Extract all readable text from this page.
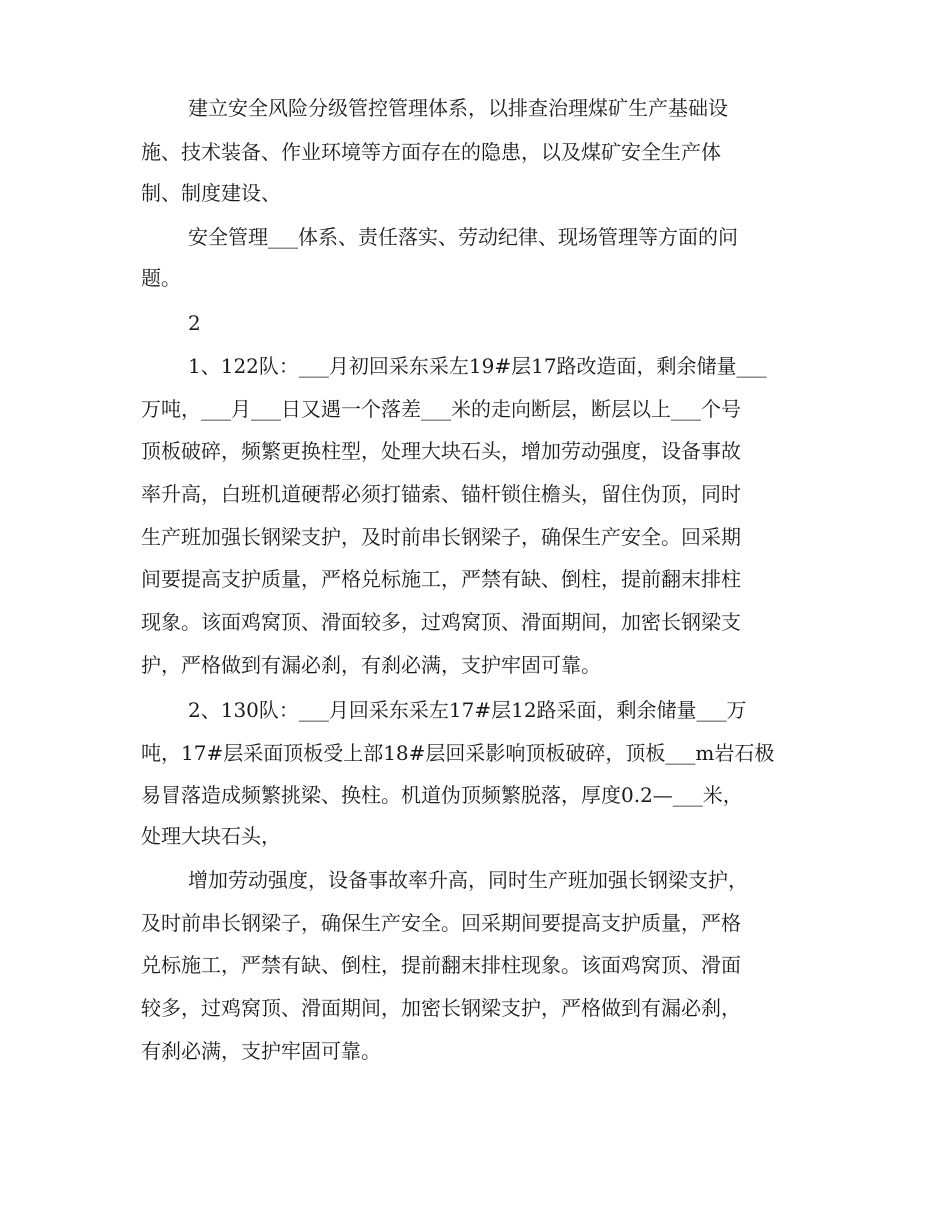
建立安全风险分级管控管理体系，以排查治理煤矿生产基础设
施、技术装备、作业环境等方面存在的隐患，以及煤矿安全生产体
制、制度建设、
安全管理___体系、责任落实、劳动纪律、现场管理等方面的问
题。
2
1、122队：___月初回采东采左19#层17路改造面，剩余储量___
万吨，___月___日又遇一个落差___米的走向断层，断层以上___个号
顶板破碎，频繁更换柱型，处理大块石头，增加劳动强度，设备事故
率升高，白班机道硬帮必须打锚索、锚杆锁住檐头，留住伪顶，同时
生产班加强长钢梁支护，及时前串长钢梁子，确保生产安全。回采期
间要提高支护质量，严格兑标施工，严禁有缺、倒柱，提前翻末排柱
现象。该面鸡窝顶、滑面较多，过鸡窝顶、滑面期间，加密长钢梁支
护，严格做到有漏必刹，有刹必满，支护牢固可靠。
2、130队：___月回采东采左17#层12路采面，剩余储量___万
吨，17#层采面顶板受上部18#层回采影响顶板破碎，顶板___m岩石极
易冒落造成频繁挑梁、换柱。机道伪顶频繁脱落，厚度0.2—___米，
处理大块石头，
增加劳动强度，设备事故率升高，同时生产班加强长钢梁支护，
及时前串长钢梁子，确保生产安全。回采期间要提高支护质量，严格
兑标施工，严禁有缺、倒柱，提前翻末排柱现象。该面鸡窝顶、滑面
较多，过鸡窝顶、滑面期间，加密长钢梁支护，严格做到有漏必刹，
有刹必满，支护牢固可靠。
